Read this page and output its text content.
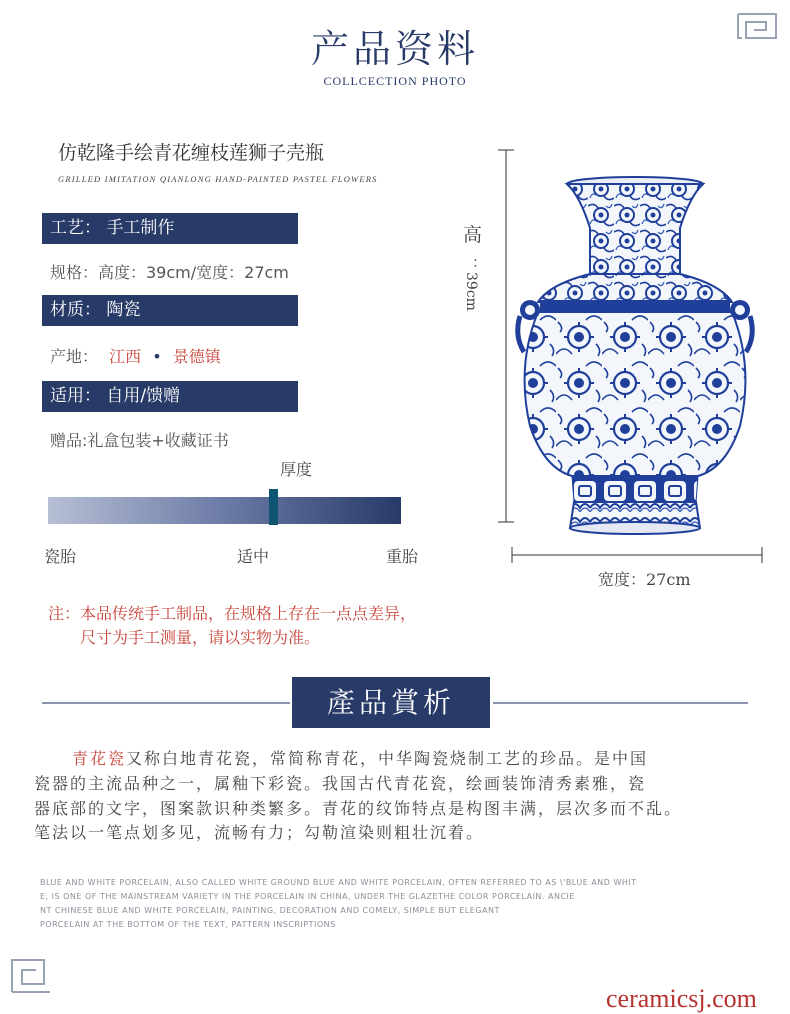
产品资料
COLLCECTION PHOTO
仿乾隆手绘青花缠枝莲狮子壳瓶
GRILLED IMITATION QIANLONG HAND-PAINTED PASTEL FLOWERS
工艺： 手工制作
规格：高度：39cm/宽度：27cm
材质： 陶瓷
产地： 江西 • 景德镇
适用： 自用/馈赠
赠品:礼盒包装+收藏证书
厚度
瓷胎	适中	重胎
注：本品传统手工制品，在规格上存在一点点差异，
尺寸为手工测量，请以实物为准。
高
：39cm
宽度：27cm
產品賞析
青花瓷又称白地青花瓷，常简称青花，中华陶瓷烧制工艺的珍品。是中国
瓷器的主流品种之一，属釉下彩瓷。我国古代青花瓷，绘画装饰清秀素雅，瓷
器底部的文字，图案款识种类繁多。青花的纹饰特点是构图丰满，层次多而不乱。
笔法以一笔点划多见，流畅有力；勾勒渲染则粗壮沉着。
BLUE AND WHITE PORCELAIN, ALSO CALLED WHITE GROUND BLUE AND WHITE PORCELAIN, OFTEN REFERRED TO AS \'BLUE AND WHIT
E, IS ONE OF THE MAINSTREAM VARIETY IN THE PORCELAIN IN CHINA, UNDER THE GLAZETHE COLOR PORCELAIN. ANCIE
NT CHINESE BLUE AND WHITE PORCELAIN, PAINTING, DECORATION AND COMELY, SIMPLE BUT ELEGANT
PORCELAIN AT THE BOTTOM OF THE TEXT, PATTERN INSCRIPTIONS
ceramicsj.com
